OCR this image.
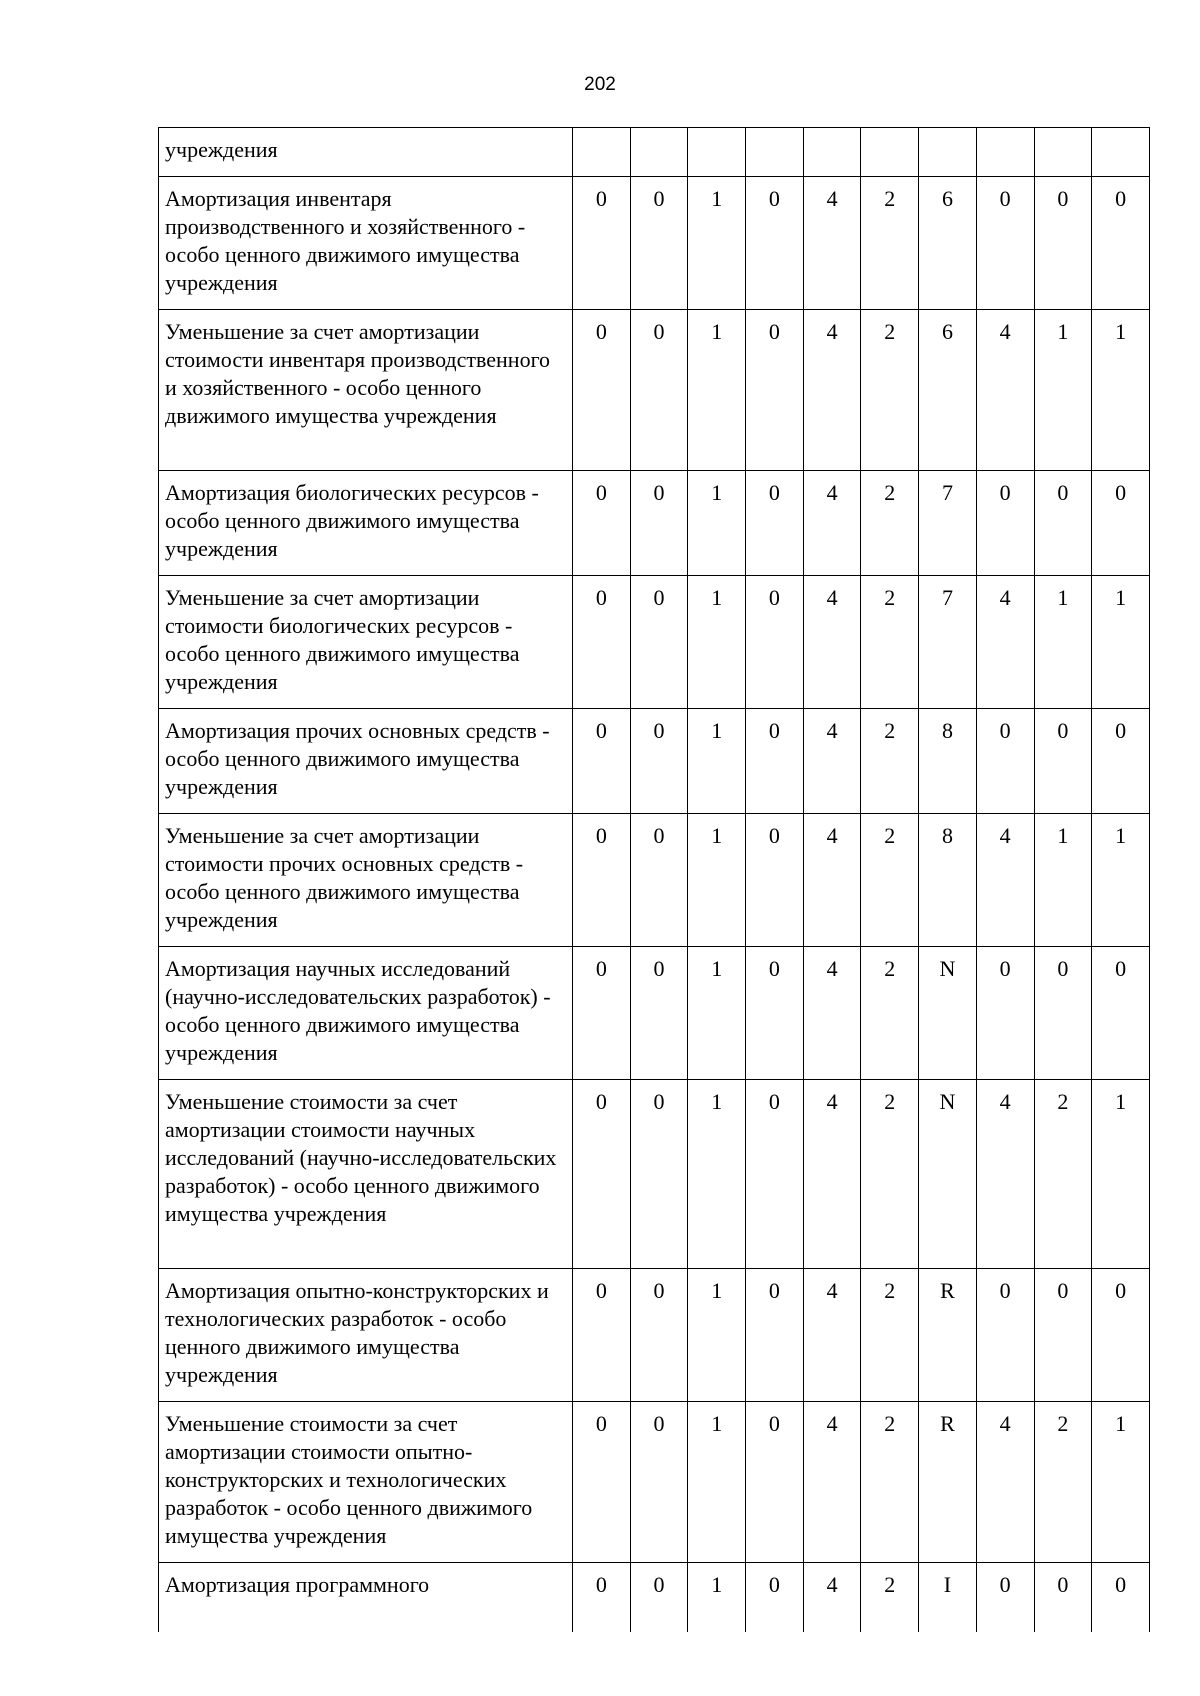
202
учреждения										
Амортизация инвентаря производственного и хозяйственного - особо ценного движимого имущества учреждения	0	0	1	0	4	2	6	0	0	0
Уменьшение за счет амортизации стоимости инвентаря производственного и хозяйственного - особо ценного движимого имущества учреждения	0	0	1	0	4	2	6	4	1	1
Амортизация биологических ресурсов - особо ценного движимого имущества учреждения	0	0	1	0	4	2	7	0	0	0
Уменьшение за счет амортизации стоимости биологических ресурсов - особо ценного движимого имущества учреждения	0	0	1	0	4	2	7	4	1	1
Амортизация прочих основных средств - особо ценного движимого имущества учреждения	0	0	1	0	4	2	8	0	0	0
Уменьшение за счет амортизации стоимости прочих основных средств - особо ценного движимого имущества учреждения	0	0	1	0	4	2	8	4	1	1
Амортизация научных исследований (научно-исследовательских разработок) - особо ценного движимого имущества учреждения	0	0	1	0	4	2	N	0	0	0
Уменьшение стоимости за счет амортизации стоимости научных исследований (научно-исследовательских разработок) - особо ценного движимого имущества учреждения	0	0	1	0	4	2	N	4	2	1
Амортизация опытно-конструкторских и технологических разработок - особо ценного движимого имущества учреждения	0	0	1	0	4	2	R	0	0	0
Уменьшение стоимости за счет амортизации стоимости опытно-конструкторских и технологических разработок - особо ценного движимого имущества учреждения	0	0	1	0	4	2	R	4	2	1
Амортизация программного	0	0	1	0	4	2	I	0	0	0
